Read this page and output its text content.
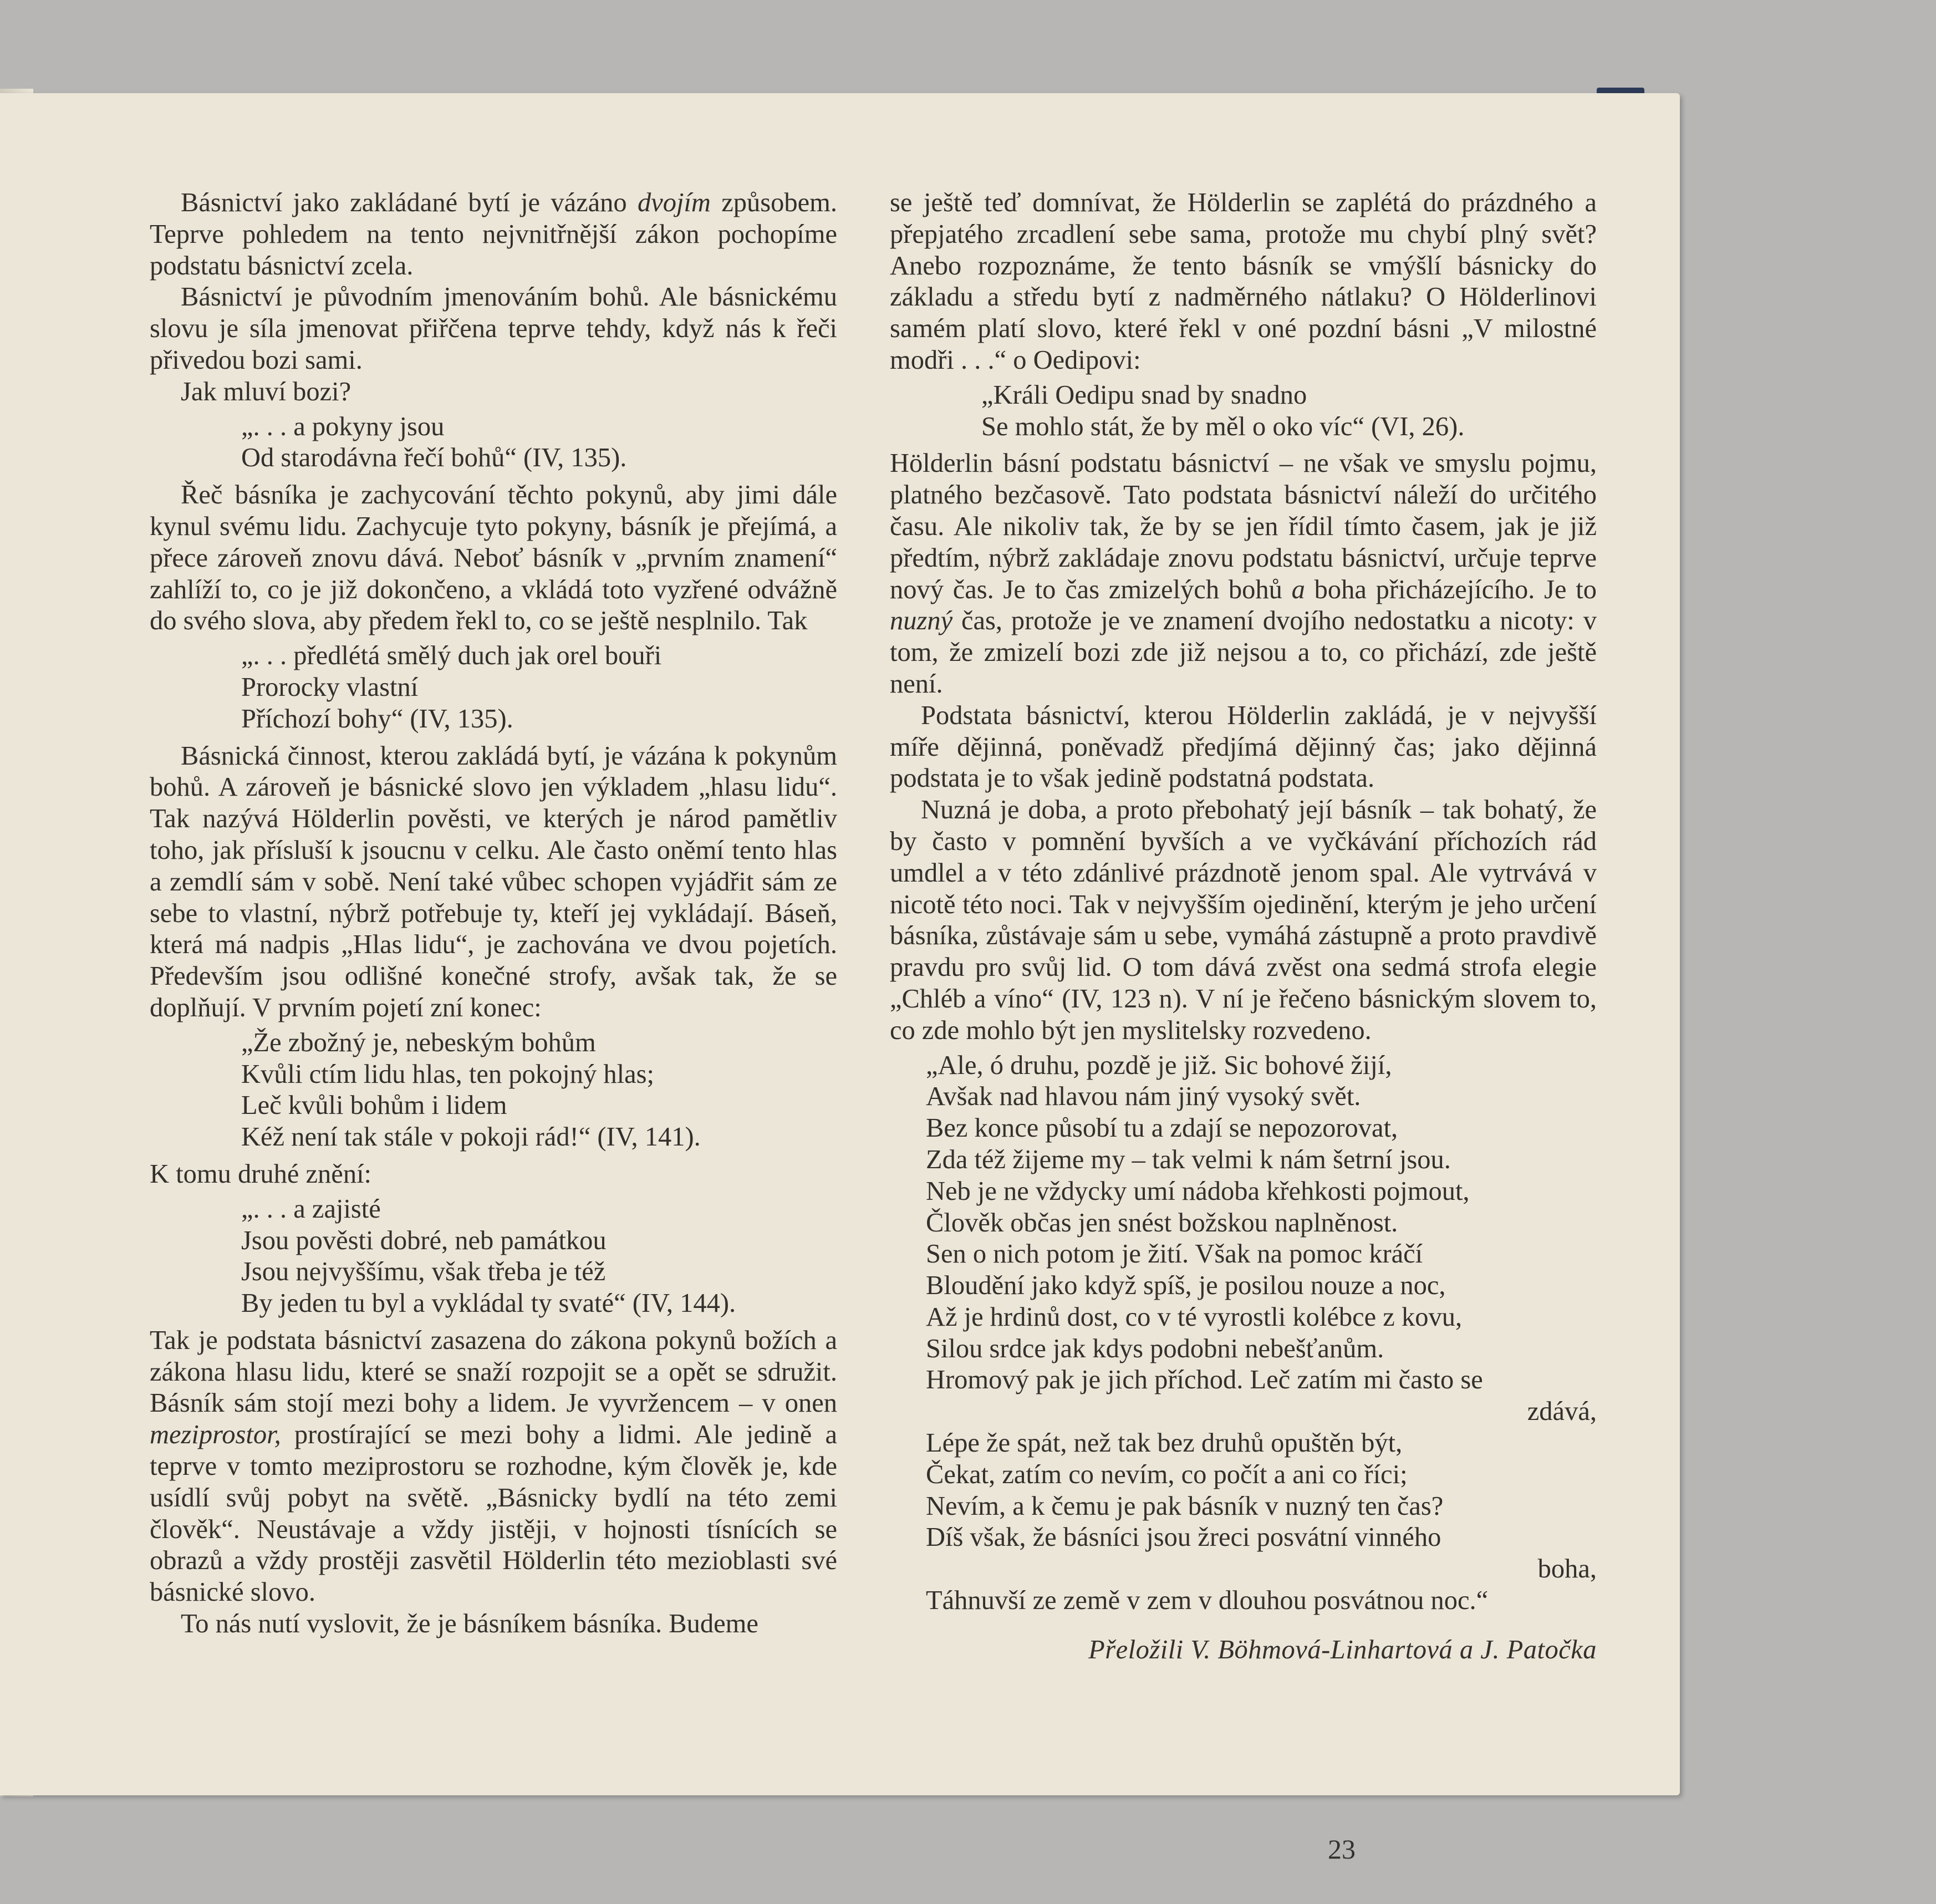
Básnictví jako zakládané bytí je vázáno dvojím způsobem. Teprve pohledem na tento nejvnitřnější zákon pochopíme podstatu básnictví zcela.

Básnictví je původním jmenováním bohů. Ale básnickému slovu je síla jmenovat přiřčena teprve tehdy, když nás k řeči přivedou bozi sami.

Jak mluví bozi?

„. . . a pokyny jsou
Od starodávna řečí bohů“ (IV, 135).

Řeč básníka je zachycování těchto pokynů, aby jimi dále kynul svému lidu. Zachycuje tyto pokyny, básník je přejímá, a přece zároveň znovu dává. Neboť básník v „prvním znamení“ zahlíží to, co je již dokončeno, a vkládá toto vyzřené odvážně do svého slova, aby předem řekl to, co se ještě nesplnilo. Tak

„. . . předlétá smělý duch jak orel bouři
Prorocky vlastní
Příchozí bohy“ (IV, 135).

Básnická činnost, kterou zakládá bytí, je vázána k pokynům bohů. A zároveň je básnické slovo jen výkladem „hlasu lidu“. Tak nazývá Hölderlin pověsti, ve kterých je národ pamětliv toho, jak přísluší k jsoucnu v celku. Ale často oněmí tento hlas a zemdlí sám v sobě. Není také vůbec schopen vyjádřit sám ze sebe to vlastní, nýbrž potřebuje ty, kteří jej vykládají. Báseň, která má nadpis „Hlas lidu“, je zachována ve dvou pojetích. Především jsou odlišné konečné strofy, avšak tak, že se doplňují. V prvním pojetí zní konec:

„Že zbožný je, nebeským bohům
Kvůli ctím lidu hlas, ten pokojný hlas;
Leč kvůli bohům i lidem
Kéž není tak stále v pokoji rád!“ (IV, 141).

K tomu druhé znění:

„. . . a zajisté
Jsou pověsti dobré, neb památkou
Jsou nejvyššímu, však třeba je též
By jeden tu byl a vykládal ty svaté“ (IV, 144).

Tak je podstata básnictví zasazena do zákona pokynů božích a zákona hlasu lidu, které se snaží rozpojit se a opět se sdružit. Básník sám stojí mezi bohy a lidem. Je vyvržencem – v onen meziprostor, prostírající se mezi bohy a lidmi. Ale jedině a teprve v tomto meziprostoru se rozhodne, kým člověk je, kde usídlí svůj pobyt na světě. „Básnicky bydlí na této zemi člověk“. Neustávaje a vždy jistěji, v hojnosti tísnících se obrazů a vždy prostěji zasvětil Hölderlin této mezioblasti své básnické slovo.

To nás nutí vyslovit, že je básníkem básníka. Budeme

se ještě teď domnívat, že Hölderlin se zaplétá do prázdného a přepjatého zrcadlení sebe sama, protože mu chybí plný svět? Anebo rozpoznáme, že tento básník se vmýšlí básnicky do základu a středu bytí z nadměrného nátlaku? O Hölderlinovi samém platí slovo, které řekl v oné pozdní básni „V milostné modři . . .“ o Oedipovi:

„Králi Oedipu snad by snadno
Se mohlo stát, že by měl o oko víc“ (VI, 26).

Hölderlin básní podstatu básnictví – ne však ve smyslu pojmu, platného bezčasově. Tato podstata básnictví náleží do určitého času. Ale nikoliv tak, že by se jen řídil tímto časem, jak je již předtím, nýbrž zakládaje znovu podstatu básnictví, určuje teprve nový čas. Je to čas zmizelých bohů a boha přicházejícího. Je to nuzný čas, protože je ve znamení dvojího nedostatku a nicoty: v tom, že zmizelí bozi zde již nejsou a to, co přichází, zde ještě není.

Podstata básnictví, kterou Hölderlin zakládá, je v nejvyšší míře dějinná, poněvadž předjímá dějinný čas; jako dějinná podstata je to však jedině podstatná podstata.

Nuzná je doba, a proto přebohatý její básník – tak bohatý, že by často v pomnění byvších a ve vyčkávání příchozích rád umdlel a v této zdánlivé prázdnotě jenom spal. Ale vytrvává v nicotě této noci. Tak v nejvyšším ojedinění, kterým je jeho určení básníka, zůstávaje sám u sebe, vymáhá zástupně a proto pravdivě pravdu pro svůj lid. O tom dává zvěst ona sedmá strofa elegie „Chléb a víno“ (IV, 123 n). V ní je řečeno básnickým slovem to, co zde mohlo být jen myslitelsky rozvedeno.

„Ale, ó druhu, pozdě je již. Sic bohové žijí,
Avšak nad hlavou nám jiný vysoký svět.
Bez konce působí tu a zdají se nepozorovat,
Zda též žijeme my – tak velmi k nám šetrní jsou.
Neb je ne vždycky umí nádoba křehkosti pojmout,
Člověk občas jen snést božskou naplněnost.
Sen o nich potom je žití. Však na pomoc kráčí
Bloudění jako když spíš, je posilou nouze a noc,
Až je hrdinů dost, co v té vyrostli kolébce z kovu,
Silou srdce jak kdys podobni nebešťanům.
Hromový pak je jich příchod. Leč zatím mi často se
zdává,
Lépe že spát, než tak bez druhů opuštěn být,
Čekat, zatím co nevím, co počít a ani co říci;
Nevím, a k čemu je pak básník v nuzný ten čas?
Díš však, že básníci jsou žreci posvátní vinného
boha,
Táhnuvší ze země v zem v dlouhou posvátnou noc.“

Přeložili V. Böhmová-Linhartová a J. Patočka

23
